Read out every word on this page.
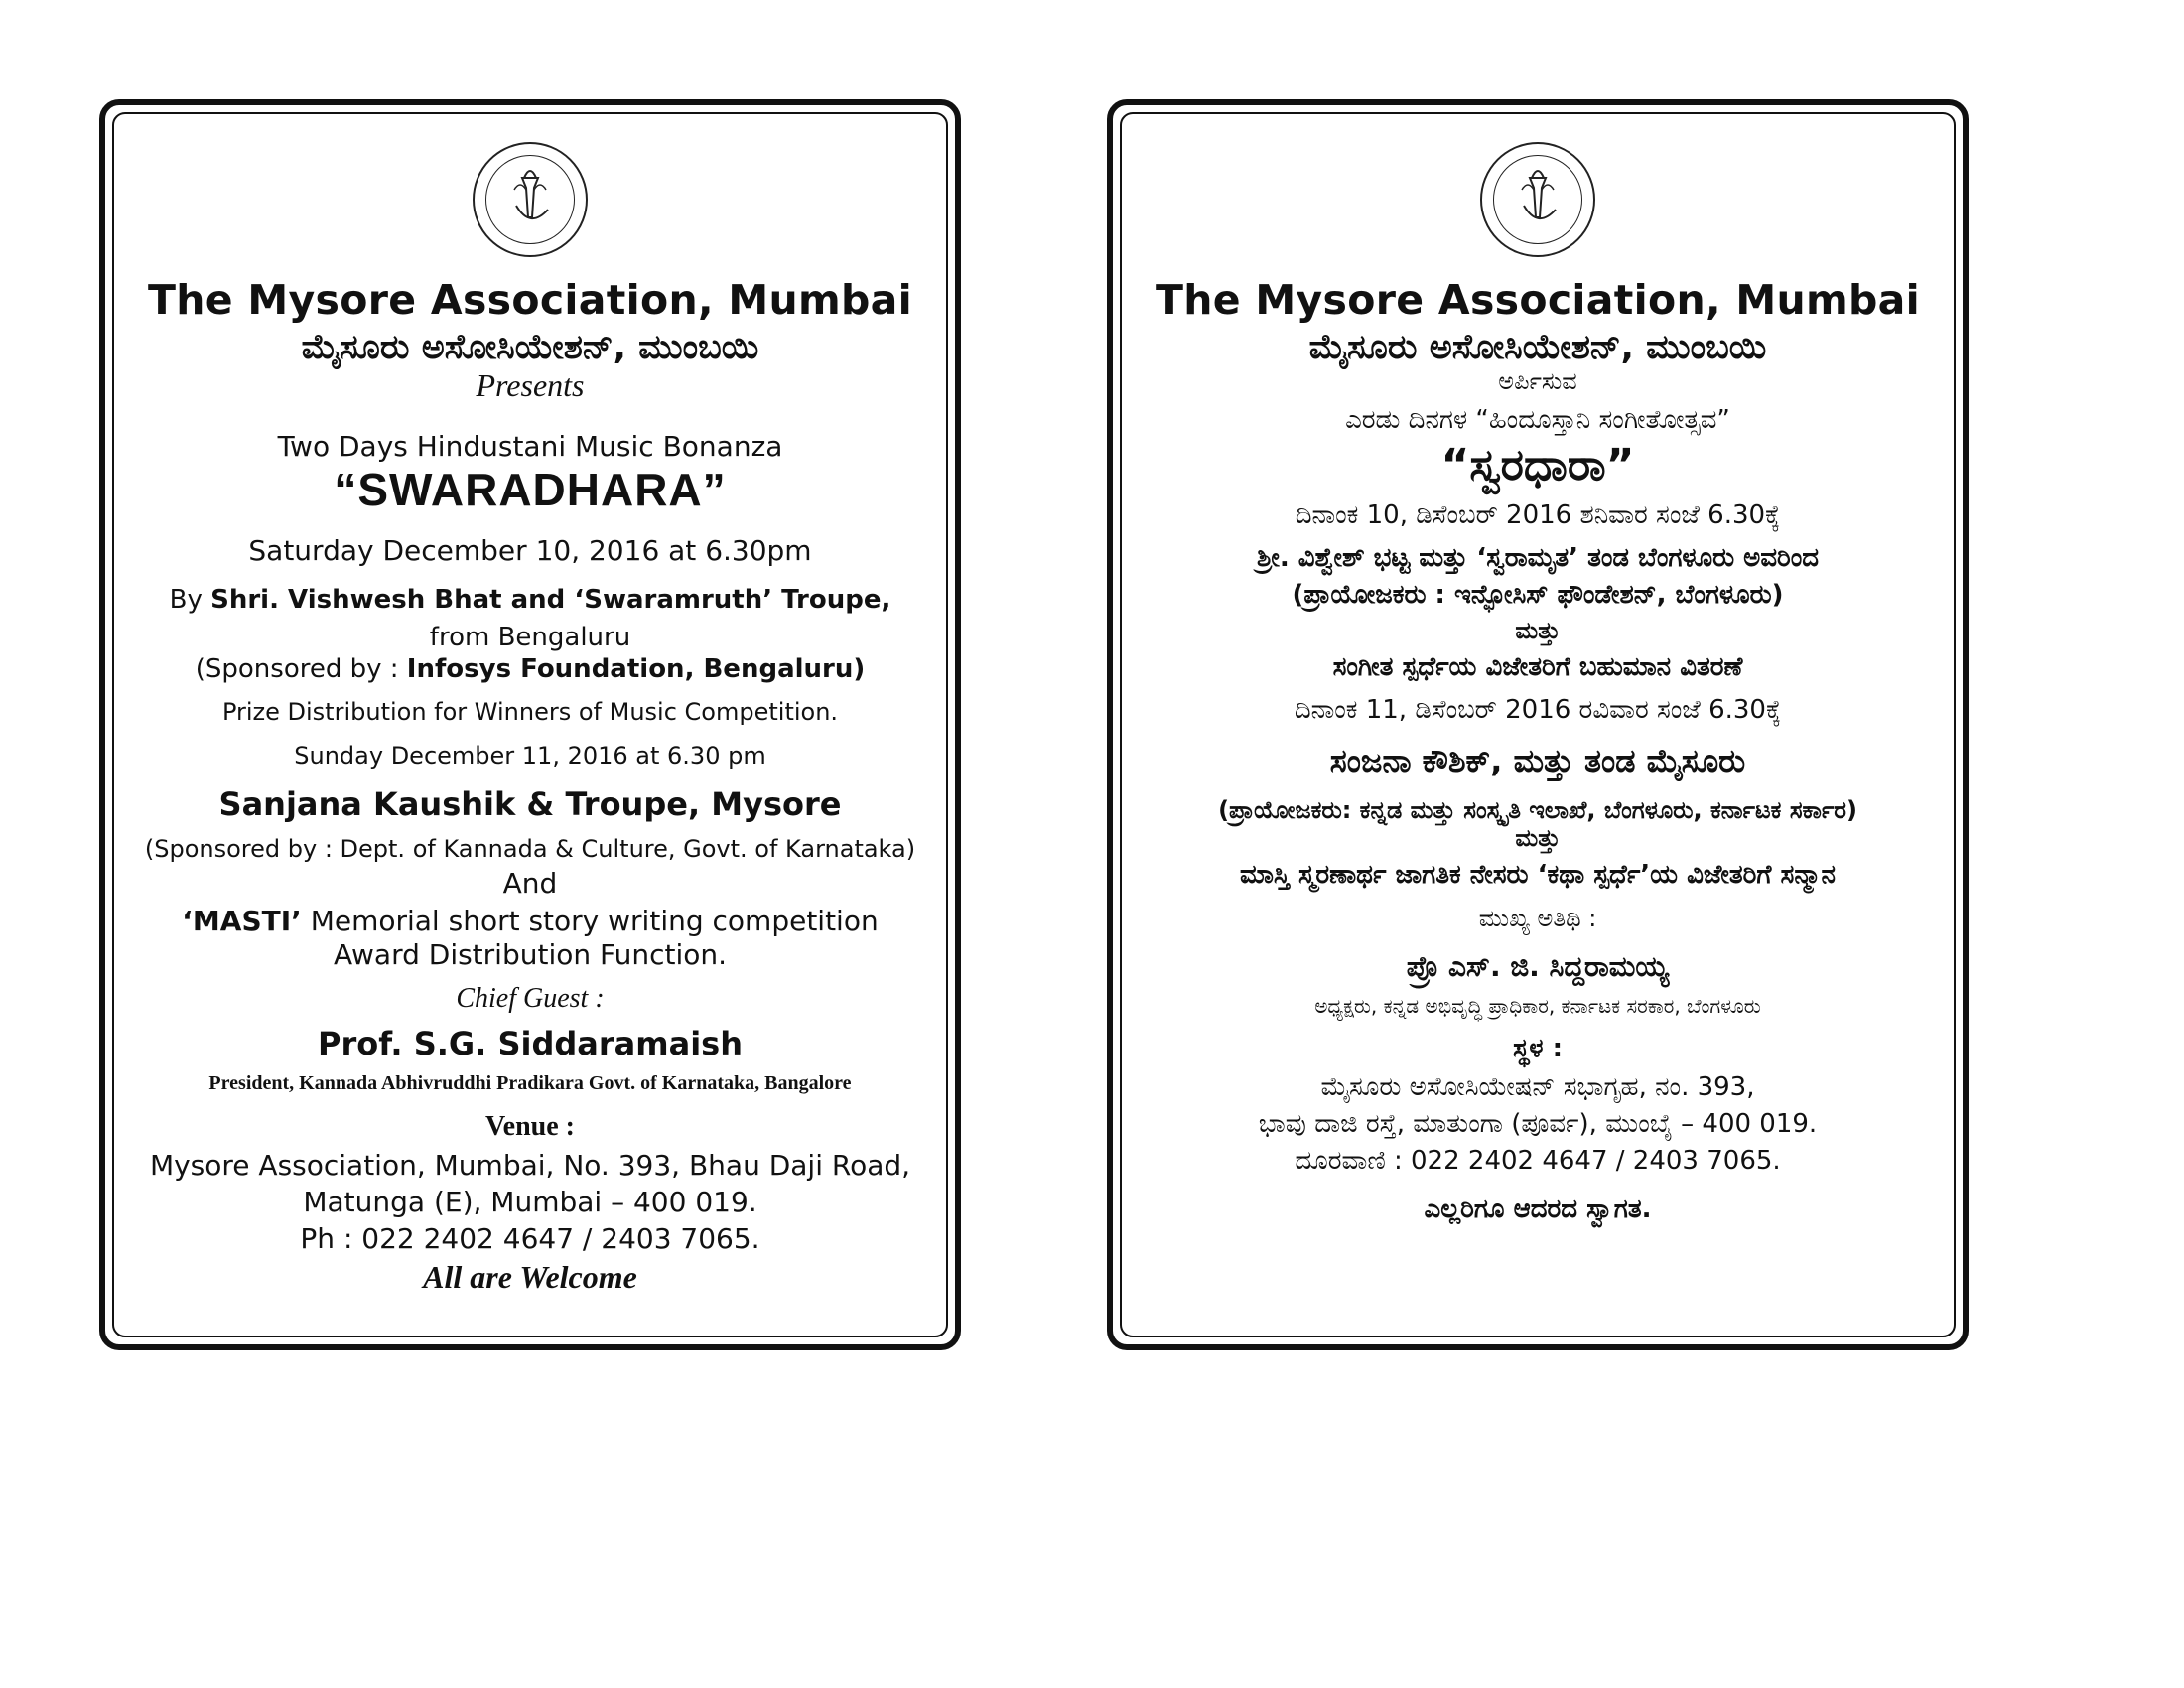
The Mysore Association, Mumbai
ಮೈಸೂರು ಅಸೋಸಿಯೇಶನ್, ಮುಂಬಯಿ
Presents
Two Days Hindustani Music Bonanza
“SWARADHARA”
Saturday December 10, 2016 at 6.30pm
By Shri. Vishwesh Bhat and ‘Swaramruth’ Troupe,
from Bengaluru
(Sponsored by : Infosys Foundation, Bengaluru)
Prize Distribution for Winners of Music Competition.
Sunday December 11, 2016 at 6.30 pm
Sanjana Kaushik & Troupe, Mysore
(Sponsored by : Dept. of Kannada & Culture, Govt. of Karnataka)
And
‘MASTI’ Memorial short story writing competition
Award Distribution Function.
Chief Guest :
Prof. S.G. Siddaramaish
President, Kannada Abhivruddhi Pradikara Govt. of Karnataka, Bangalore
Venue :
Mysore Association, Mumbai, No. 393, Bhau Daji Road,
Matunga (E), Mumbai – 400 019.
Ph : 022 2402 4647 / 2403 7065.
All are Welcome
The Mysore Association, Mumbai
ಮೈಸೂರು ಅಸೋಸಿಯೇಶನ್, ಮುಂಬಯಿ
ಅರ್ಪಿಸುವ
ಎರಡು ದಿನಗಳ “ಹಿಂದೂಸ್ತಾನಿ ಸಂಗೀತೋತ್ಸವ”
“ಸ್ವರಧಾರಾ”
ದಿನಾಂಕ 10, ಡಿಸೆಂಬರ್ 2016 ಶನಿವಾರ ಸಂಜೆ 6.30ಕ್ಕೆ
ಶ್ರೀ. ವಿಶ್ವೇಶ್ ಭಟ್ಟ ಮತ್ತು ‘ಸ್ವರಾಮೃತ’ ತಂಡ ಬೆಂಗಳೂರು ಅವರಿಂದ
(ಪ್ರಾಯೋಜಕರು : ಇನ್ಫೋಸಿಸ್ ಫೌಂಡೇಶನ್, ಬೆಂಗಳೂರು)
ಮತ್ತು
ಸಂಗೀತ ಸ್ಪರ್ಧೆಯ ವಿಜೇತರಿಗೆ ಬಹುಮಾನ ವಿತರಣೆ
ದಿನಾಂಕ 11, ಡಿಸೆಂಬರ್ 2016 ರವಿವಾರ ಸಂಜೆ 6.30ಕ್ಕೆ
ಸಂಜನಾ ಕೌಶಿಕ್, ಮತ್ತು ತಂಡ ಮೈಸೂರು
(ಪ್ರಾಯೋಜಕರು: ಕನ್ನಡ ಮತ್ತು ಸಂಸ್ಕೃತಿ ಇಲಾಖೆ, ಬೆಂಗಳೂರು, ಕರ್ನಾಟಕ ಸರ್ಕಾರ)
ಮತ್ತು
ಮಾಸ್ತಿ ಸ್ಮರಣಾರ್ಥ ಜಾಗತಿಕ ನೇಸರು ‘ಕಥಾ ಸ್ಪರ್ಧೆ’ಯ ವಿಜೇತರಿಗೆ ಸನ್ಮಾನ
ಮುಖ್ಯ ಅತಿಥಿ :
ಪ್ರೊ ಎಸ್. ಜಿ. ಸಿದ್ದರಾಮಯ್ಯ
ಅಧ್ಯಕ್ಷರು, ಕನ್ನಡ ಅಭಿವೃದ್ಧಿ ಪ್ರಾಧಿಕಾರ, ಕರ್ನಾಟಕ ಸರಕಾರ, ಬೆಂಗಳೂರು
ಸ್ಥಳ :
ಮೈಸೂರು ಅಸೋಸಿಯೇಷನ್ ಸಭಾಗೃಹ, ನಂ. 393,
ಭಾವು ದಾಜಿ ರಸ್ತೆ, ಮಾತುಂಗಾ (ಪೂರ್ವ), ಮುಂಬೈ – 400 019.
ದೂರವಾಣಿ : 022 2402 4647 / 2403 7065.
ಎಲ್ಲರಿಗೂ ಆದರದ ಸ್ವಾಗತ.
